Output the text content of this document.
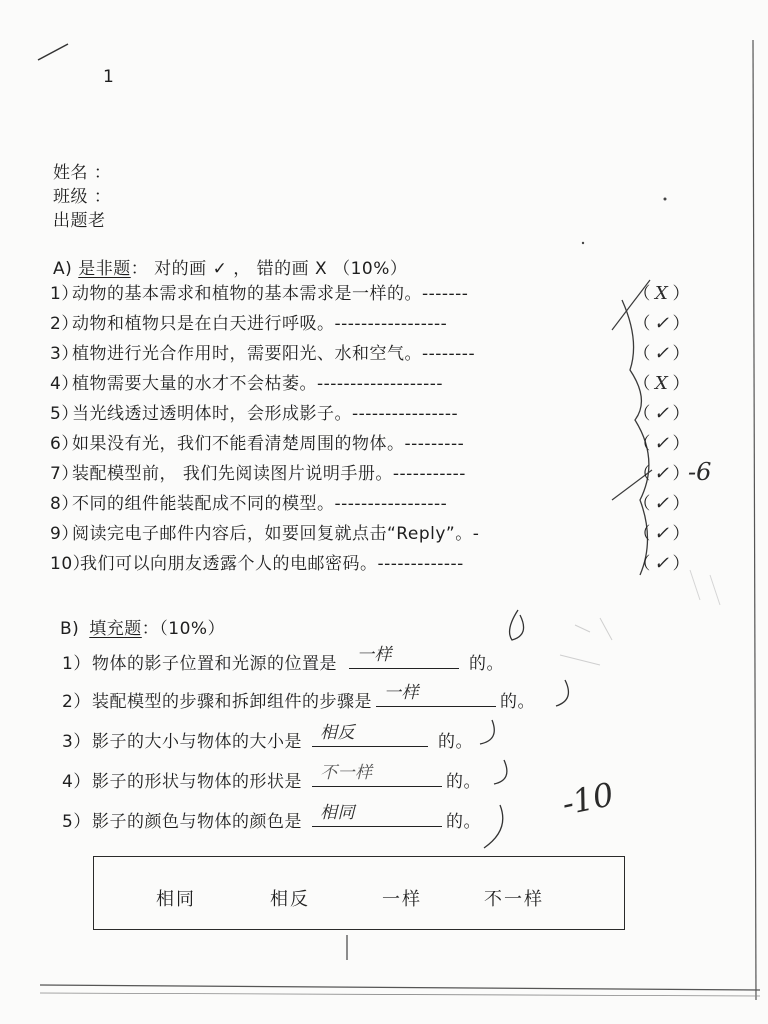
1
姓名 ：
班级 ：
出题老
A) 是非题 ： 对的画 ✓ ， 错的画 X （10%）
1）
动物的基本需求和植物的基本需求是一样的。-------	（ X ）
2）
动物和植物只是在白天进行呼吸。-----------------	（ ✓ ）
3）
植物进行光合作用时，需要阳光、水和空气。--------	（ ✓ ）
4）
植物需要大量的水才不会枯萎。-------------------	（ X ）
5）
当光线透过透明体时，会形成影子。----------------	（ ✓ ）
6）
如果没有光，我们不能看清楚周围的物体。---------	（ ✓ ）
7）
装配模型前， 我们先阅读图片说明手册。-----------	（ ✓ ）
8）
不同的组件能装配成不同的模型。-----------------	（ ✓ ）
9）
阅读完电子邮件内容后，如要回复就点击“Reply”。-	（ ✓ ）
10）
我们可以向朋友透露个人的电邮密码。-------------	（ ✓ ）
-6
B) 填充题 ：（10%）
1） 物体的影子位置和光源的位置是 一样	的。
2） 装配模型的步骤和拆卸组件的步骤是 一样	的。
3） 影子的大小与物体的大小是 相反	的。
4） 影子的形状与物体的形状是 不一样	的。
5） 影子的颜色与物体的颜色是 相同	的。 -10
相同	相反	一样	不一样
